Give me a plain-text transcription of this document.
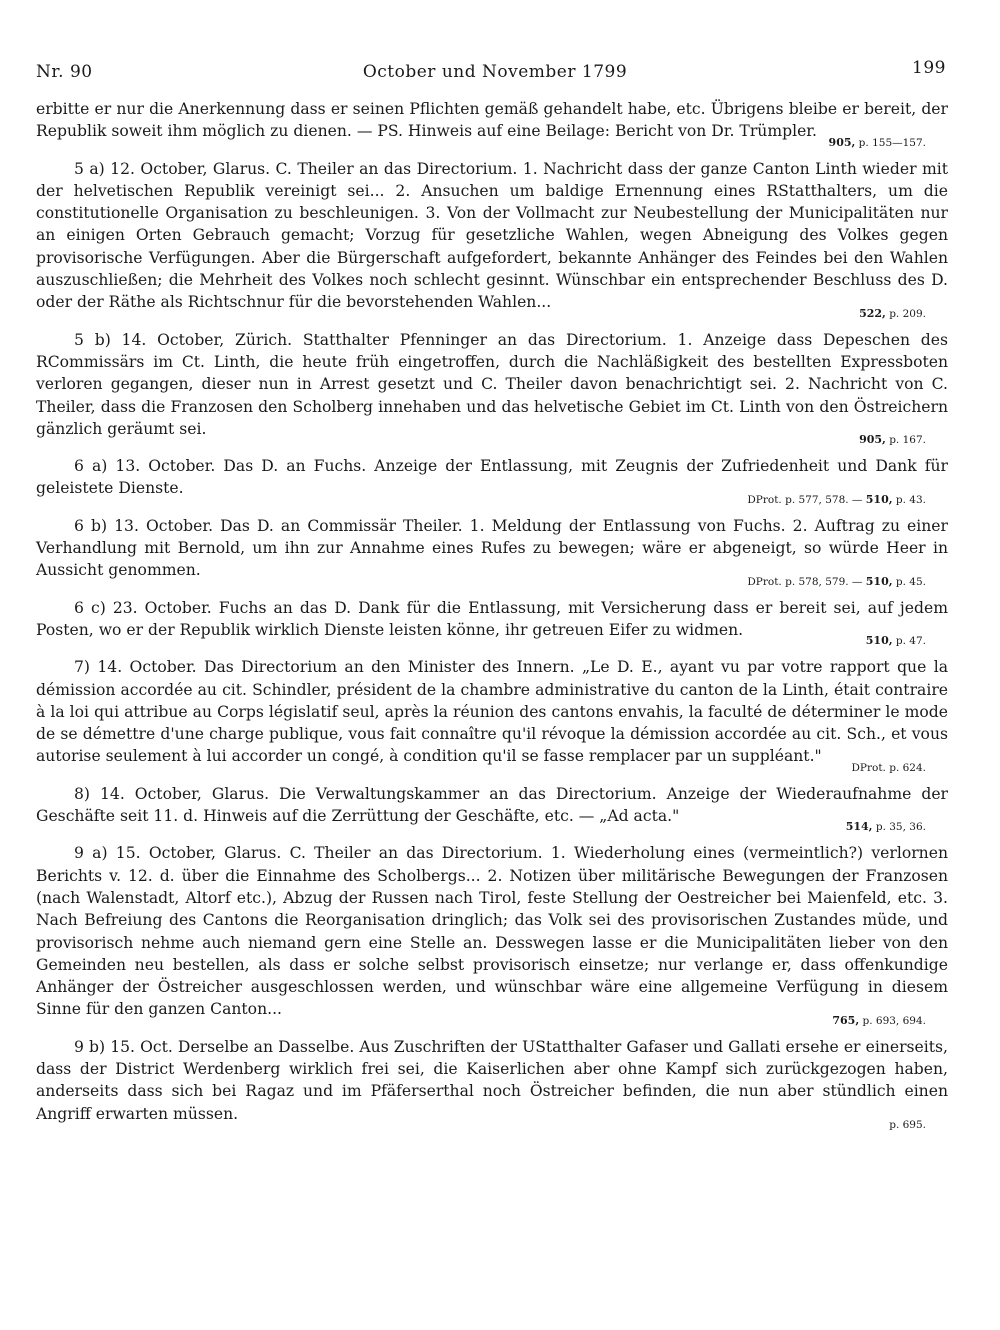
Nr. 90	October und November 1799	199

erbitte er nur die Anerkennung dass er seinen Pflichten gemäß gehandelt habe, etc. Übrigens bleibe er bereit, der Republik soweit ihm möglich zu dienen. — PS. Hinweis auf eine Beilage: Bericht von Dr. Trümpler.
905, p. 155—157.

5 a) 12. October, Glarus. C. Theiler an das Directorium. 1. Nachricht dass der ganze Canton Linth wieder mit der helvetischen Republik vereinigt sei... 2. Ansuchen um baldige Ernennung eines RStatthalters, um die constitutionelle Organisation zu beschleunigen. 3. Von der Vollmacht zur Neubestellung der Municipalitäten nur an einigen Orten Gebrauch gemacht; Vorzug für gesetzliche Wahlen, wegen Abneigung des Volkes gegen provisorische Verfügungen. Aber die Bürgerschaft aufgefordert, bekannte Anhänger des Feindes bei den Wahlen auszuschließen; die Mehrheit des Volkes noch schlecht gesinnt. Wünschbar ein entsprechender Beschluss des D. oder der Räthe als Richtschnur für die bevorstehenden Wahlen...
522, p. 209.

5 b) 14. October, Zürich. Statthalter Pfenninger an das Directorium. 1. Anzeige dass Depeschen des RCommissärs im Ct. Linth, die heute früh eingetroffen, durch die Nachläßigkeit des bestellten Expressboten verloren gegangen, dieser nun in Arrest gesetzt und C. Theiler davon benachrichtigt sei. 2. Nachricht von C. Theiler, dass die Franzosen den Scholberg innehaben und das helvetische Gebiet im Ct. Linth von den Östreichern gänzlich geräumt sei.
905, p. 167.

6 a) 13. October. Das D. an Fuchs. Anzeige der Entlassung, mit Zeugnis der Zufriedenheit und Dank für geleistete Dienste.
DProt. p. 577, 578. — 510, p. 43.

6 b) 13. October. Das D. an Commissär Theiler. 1. Meldung der Entlassung von Fuchs. 2. Auftrag zu einer Verhandlung mit Bernold, um ihn zur Annahme eines Rufes zu bewegen; wäre er abgeneigt, so würde Heer in Aussicht genommen.
DProt. p. 578, 579. — 510, p. 45.

6 c) 23. October. Fuchs an das D. Dank für die Entlassung, mit Versicherung dass er bereit sei, auf jedem Posten, wo er der Republik wirklich Dienste leisten könne, ihr getreuen Eifer zu widmen.
510, p. 47.

7) 14. October. Das Directorium an den Minister des Innern. „Le D. E., ayant vu par votre rapport que la démission accordée au cit. Schindler, président de la chambre administrative du canton de la Linth, était contraire à la loi qui attribue au Corps législatif seul, après la réunion des cantons envahis, la faculté de déterminer le mode de se démettre d'une charge publique, vous fait connaître qu'il révoque la démission accordée au cit. Sch., et vous autorise seulement à lui accorder un congé, à condition qu'il se fasse remplacer par un suppléant."
DProt. p. 624.

8) 14. October, Glarus. Die Verwaltungskammer an das Directorium. Anzeige der Wiederaufnahme der Geschäfte seit 11. d. Hinweis auf die Zerrüttung der Geschäfte, etc. — „Ad acta."
514, p. 35, 36.

9 a) 15. October, Glarus. C. Theiler an das Directorium. 1. Wiederholung eines (vermeintlich?) verlornen Berichts v. 12. d. über die Einnahme des Scholbergs... 2. Notizen über militärische Bewegungen der Franzosen (nach Walenstadt, Altorf etc.), Abzug der Russen nach Tirol, feste Stellung der Oestreicher bei Maienfeld, etc. 3. Nach Befreiung des Cantons die Reorganisation dringlich; das Volk sei des provisorischen Zustandes müde, und provisorisch nehme auch niemand gern eine Stelle an. Desswegen lasse er die Municipalitäten lieber von den Gemeinden neu bestellen, als dass er solche selbst provisorisch einsetze; nur verlange er, dass offenkundige Anhänger der Östreicher ausgeschlossen werden, und wünschbar wäre eine allgemeine Verfügung in diesem Sinne für den ganzen Canton...
765, p. 693, 694.

9 b) 15. Oct. Derselbe an Dasselbe. Aus Zuschriften der UStatthalter Gafaser und Gallati ersehe er einerseits, dass der District Werdenberg wirklich frei sei, die Kaiserlichen aber ohne Kampf sich zurückgezogen haben, anderseits dass sich bei Ragaz und im Pfäferserthal noch Östreicher befinden, die nun aber stündlich einen Angriff erwarten müssen.
p. 695.
